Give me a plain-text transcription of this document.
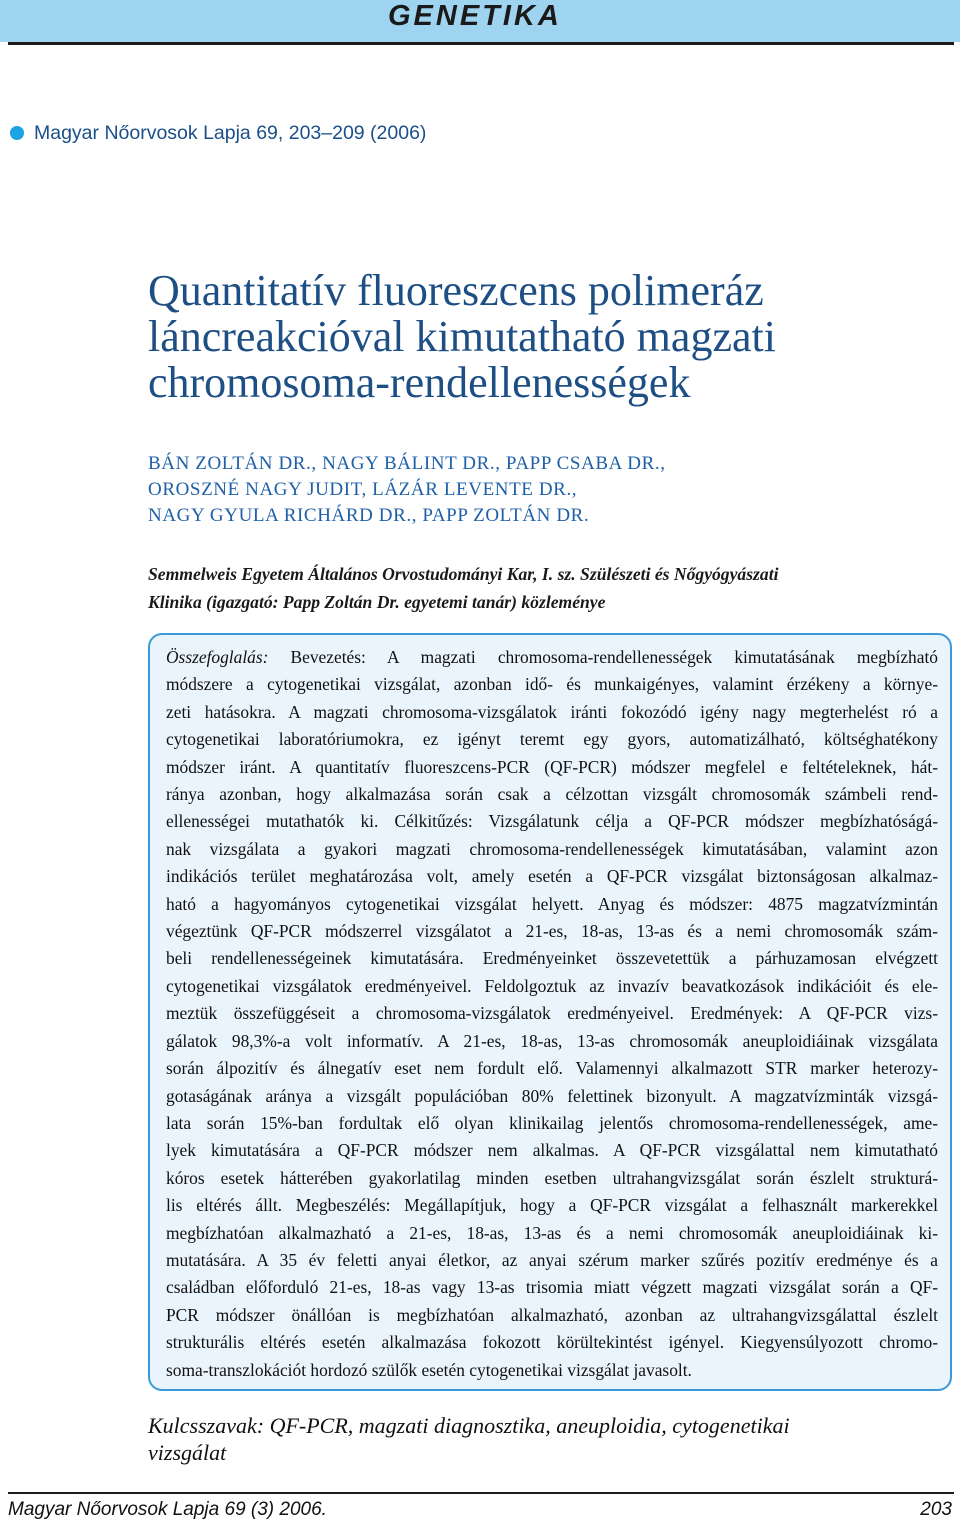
GENETIKA
Magyar Nőorvosok Lapja 69, 203–209 (2006)
Quantitatív fluoreszcens polimeráz
láncreakcióval kimutatható magzati
chromosoma-rendellenességek
BÁN ZOLTÁN DR., NAGY BÁLINT DR., PAPP CSABA DR.,
OROSZNÉ NAGY JUDIT, LÁZÁR LEVENTE DR.,
NAGY GYULA RICHÁRD DR., PAPP ZOLTÁN DR.
Semmelweis Egyetem Általános Orvostudományi Kar, I. sz. Szülészeti és Nőgyógyászati
Klinika (igazgató: Papp Zoltán Dr. egyetemi tanár) közleménye
Összefoglalás: Bevezetés: A magzati chromosoma-rendellenességek kimutatásának megbízható
módszere a cytogenetikai vizsgálat, azonban idő- és munkaigényes, valamint érzékeny a környe-
zeti hatásokra. A magzati chromosoma-vizsgálatok iránti fokozódó igény nagy megterhelést ró a
cytogenetikai laboratóriumokra, ez igényt teremt egy gyors, automatizálható, költséghatékony
módszer iránt. A quantitatív fluoreszcens-PCR (QF-PCR) módszer megfelel e feltételeknek, hát-
ránya azonban, hogy alkalmazása során csak a célzottan vizsgált chromosomák számbeli rend-
ellenességei mutathatók ki. Célkitűzés: Vizsgálatunk célja a QF-PCR módszer megbízhatóságá-
nak vizsgálata a gyakori magzati chromosoma-rendellenességek kimutatásában, valamint azon
indikációs terület meghatározása volt, amely esetén a QF-PCR vizsgálat biztonságosan alkalmaz-
ható a hagyományos cytogenetikai vizsgálat helyett. Anyag és módszer: 4875 magzatvízmintán
végeztünk QF-PCR módszerrel vizsgálatot a 21-es, 18-as, 13-as és a nemi chromosomák szám-
beli rendellenességeinek kimutatására. Eredményeinket összevetettük a párhuzamosan elvégzett
cytogenetikai vizsgálatok eredményeivel. Feldolgoztuk az invazív beavatkozások indikációit és ele-
meztük összefüggéseit a chromosoma-vizsgálatok eredményeivel. Eredmények: A QF-PCR vizs-
gálatok 98,3%-a volt informatív. A 21-es, 18-as, 13-as chromosomák aneuploidiáinak vizsgálata
során álpozitív és álnegatív eset nem fordult elő. Valamennyi alkalmazott STR marker heterozy-
gotaságának aránya a vizsgált populációban 80% felettinek bizonyult. A magzatvízminták vizsgá-
lata során 15%-ban fordultak elő olyan klinikailag jelentős chromosoma-rendellenességek, ame-
lyek kimutatására a QF-PCR módszer nem alkalmas. A QF-PCR vizsgálattal nem kimutatható
kóros esetek hátterében gyakorlatilag minden esetben ultrahangvizsgálat során észlelt strukturá-
lis eltérés állt. Megbeszélés: Megállapítjuk, hogy a QF-PCR vizsgálat a felhasznált markerekkel
megbízhatóan alkalmazható a 21-es, 18-as, 13-as és a nemi chromosomák aneuploidiáinak ki-
mutatására. A 35 év feletti anyai életkor, az anyai szérum marker szűrés pozitív eredménye és a
családban előforduló 21-es, 18-as vagy 13-as trisomia miatt végzett magzati vizsgálat során a QF-
PCR módszer önállóan is megbízhatóan alkalmazható, azonban az ultrahangvizsgálattal észlelt
strukturális eltérés esetén alkalmazása fokozott körültekintést igényel. Kiegyensúlyozott chromo-
soma-transzlokációt hordozó szülők esetén cytogenetikai vizsgálat javasolt.
Kulcsszavak: QF-PCR, magzati diagnosztika, aneuploidia, cytogenetikai
vizsgálat
Magyar Nőorvosok Lapja 69 (3) 2006.	203
